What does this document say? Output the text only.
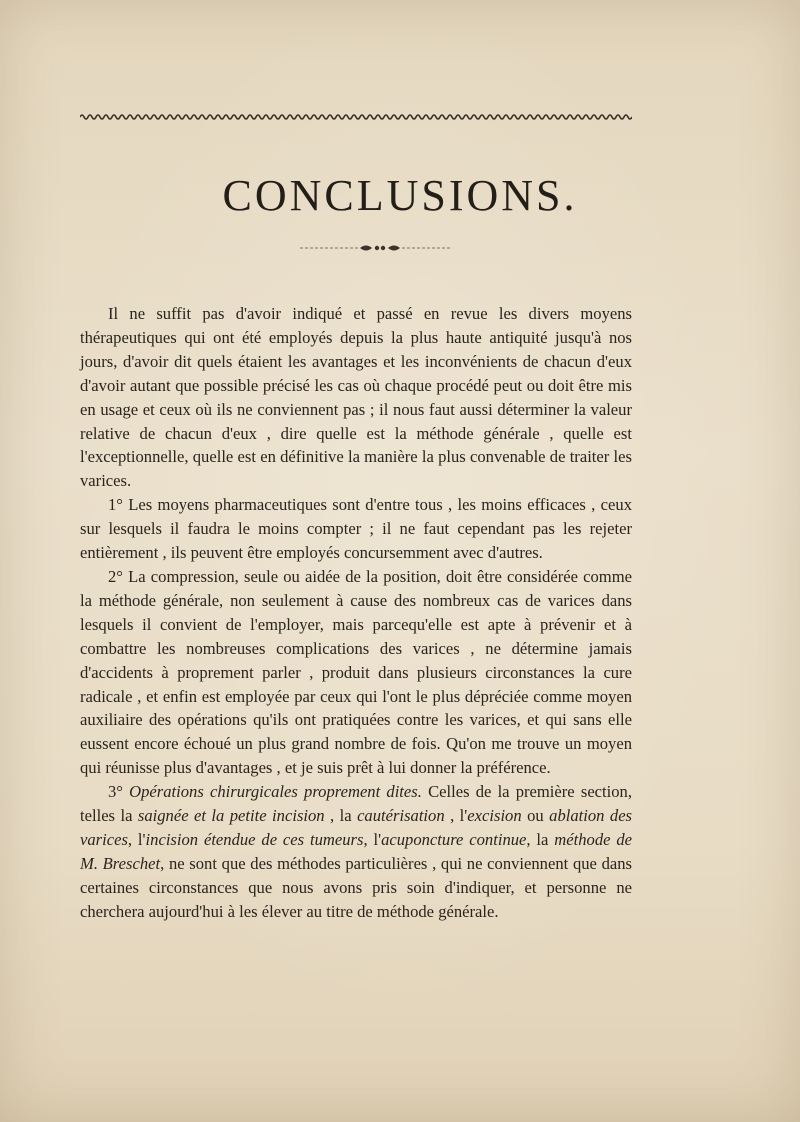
CONCLUSIONS.

Il ne suffit pas d'avoir indiqué et passé en revue les divers moyens thérapeutiques qui ont été employés depuis la plus haute antiquité jusqu'à nos jours, d'avoir dit quels étaient les avantages et les inconvénients de chacun d'eux d'avoir autant que possible précisé les cas où chaque procédé peut ou doit être mis en usage et ceux où ils ne conviennent pas ; il nous faut aussi déterminer la valeur relative de chacun d'eux , dire quelle est la méthode générale , quelle est l'exceptionnelle, quelle est en définitive la manière la plus convenable de traiter les varices.

1° Les moyens pharmaceutiques sont d'entre tous , les moins efficaces , ceux sur lesquels il faudra le moins compter ; il ne faut cependant pas les rejeter entièrement , ils peuvent être employés concursemment avec d'autres.

2° La compression, seule ou aidée de la position, doit être considérée comme la méthode générale, non seulement à cause des nombreux cas de varices dans lesquels il convient de l'employer, mais parcequ'elle est apte à prévenir et à combattre les nombreuses complications des varices , ne détermine jamais d'accidents à proprement parler , produit dans plusieurs circonstances la cure radicale , et enfin est employée par ceux qui l'ont le plus dépréciée comme moyen auxiliaire des opérations qu'ils ont pratiquées contre les varices, et qui sans elle eussent encore échoué un plus grand nombre de fois. Qu'on me trouve un moyen qui réunisse plus d'avantages , et je suis prêt à lui donner la préférence.

3° Opérations chirurgicales proprement dites. Celles de la première section, telles la saignée et la petite incision , la cautérisation , l'excision ou ablation des varices, l'incision étendue de ces tumeurs, l'acuponcture continue, la méthode de M. Breschet, ne sont que des méthodes particulières , qui ne conviennent que dans certaines circonstances que nous avons pris soin d'indiquer, et personne ne cherchera aujourd'hui à les élever au titre de méthode générale.
